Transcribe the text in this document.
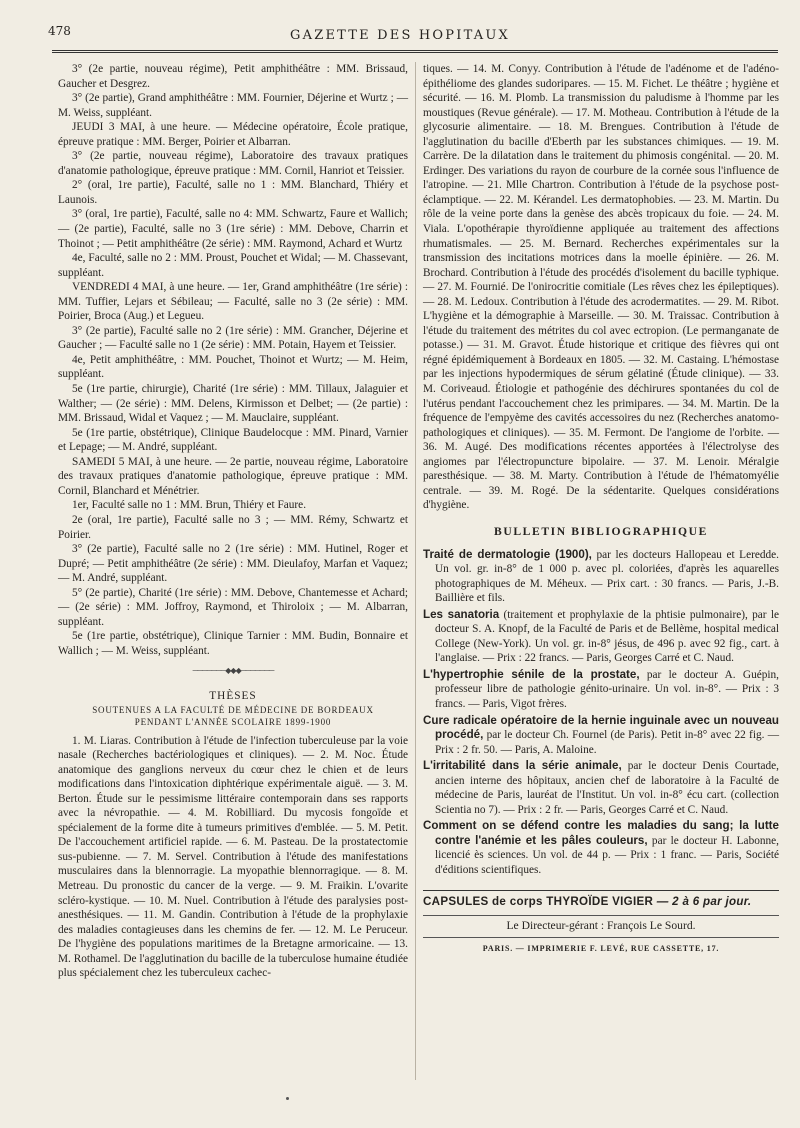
478	GAZETTE DES HOPITAUX

3° (2e partie, nouveau régime), Petit amphithéâtre : MM. Brissaud, Gaucher et Desgrez.

3° (2e partie), Grand amphithéâtre : MM. Fournier, Déjerine et Wurtz ; — M. Weiss, suppléant.

JEUDI 3 MAI, à une heure. — Médecine opératoire, École pratique, épreuve pratique : MM. Berger, Poirier et Albarran.

3° (2e partie, nouveau régime), Laboratoire des travaux pratiques d'anatomie pathologique, épreuve pratique : MM. Cornil, Hanriot et Teissier.

2° (oral, 1re partie), Faculté, salle no 1 : MM. Blanchard, Thiéry et Launois.

3° (oral, 1re partie), Faculté, salle no 4: MM. Schwartz, Faure et Wallich; — (2e partie), Faculté, salle no 3 (1re série) : MM. Debove, Charrin et Thoinot ; — Petit amphithéâtre (2e série) : MM. Raymond, Achard et Wurtz

4e, Faculté, salle no 2 : MM. Proust, Pouchet et Widal; — M. Chassevant, suppléant.

VENDREDI 4 MAI, à une heure. — 1er, Grand amphithéâtre (1re série) : MM. Tuffier, Lejars et Sébileau; — Faculté, salle no 3 (2e série) : MM. Poirier, Broca (Aug.) et Legueu.

3° (2e partie), Faculté salle no 2 (1re série) : MM. Grancher, Déjerine et Gaucher ; — Faculté salle no 1 (2e série) : MM. Potain, Hayem et Teissier.

4e, Petit amphithéâtre, : MM. Pouchet, Thoinot et Wurtz; — M. Heim, suppléant.

5e (1re partie, chirurgie), Charité (1re série) : MM. Tillaux, Jalaguier et Walther; — (2e série) : MM. Delens, Kirmisson et Delbet; — (2e partie) : MM. Brissaud, Widal et Vaquez ; — M. Mauclaire, suppléant.

5e (1re partie, obstétrique), Clinique Baudelocque : MM. Pinard, Varnier et Lepage; — M. André, suppléant.

SAMEDI 5 MAI, à une heure. — 2e partie, nouveau régime, Laboratoire des travaux pratiques d'anatomie pathologique, épreuve pratique : MM. Cornil, Blanchard et Ménétrier.

1er, Faculté salle no 1 : MM. Brun, Thiéry et Faure.

2e (oral, 1re partie), Faculté salle no 3 ; — MM. Rémy, Schwartz et Poirier.

3° (2e partie), Faculté salle no 2 (1re série) : MM. Hutinel, Roger et Dupré; — Petit amphithéâtre (2e série) : MM. Dieulafoy, Marfan et Vaquez; — M. André, suppléant.

5° (2e partie), Charité (1re série) : MM. Debove, Chantemesse et Achard; — (2e série) : MM. Joffroy, Raymond, et Thiroloix ; — M. Albarran, suppléant.

5e (1re partie, obstétrique), Clinique Tarnier : MM. Budin, Bonnaire et Wallich ; — M. Weiss, suppléant.

───────◆◆◆───────

THÈSES

SOUTENUES A LA FACULTÉ DE MÉDECINE DE BORDEAUX

PENDANT L'ANNÉE SCOLAIRE 1899-1900

1. M. Liaras. Contribution à l'étude de l'infection tuberculeuse par la voie nasale (Recherches bactériologiques et cliniques). — 2. M. Noc. Étude anatomique des ganglions nerveux du cœur chez le chien et de leurs modifications dans l'intoxication diphtérique expérimentale aiguë. — 3. M. Berton. Étude sur le pessimisme littéraire contemporain dans ses rapports avec la névropathie. — 4. M. Robilliard. Du mycosis fongoïde et spécialement de la forme dite à tumeurs primitives d'emblée. — 5. M. Petit. De l'accouchement artificiel rapide. — 6. M. Pasteau. De la prostatectomie sus-pubienne. — 7. M. Servel. Contribution à l'étude des manifestations musculaires dans la blennorragie. La myopathie blennorragique. — 8. M. Metreau. Du pronostic du cancer de la verge. — 9. M. Fraikin. L'ovarite scléro-kystique. — 10. M. Nuel. Contribution à l'étude des paralysies post-anesthésiques. — 11. M. Gandin. Contribution à l'étude de la prophylaxie des maladies contagieuses dans les chemins de fer. — 12. M. Le Peruceur. De l'hygiène des populations maritimes de la Bretagne armoricaine. — 13. M. Rothamel. De l'agglutination du bacille de la tuberculose humaine étudiée plus spécialement chez les tuberculeux cachec-

tiques. — 14. M. Conyy. Contribution à l'étude de l'adénome et de l'adéno-épithéliome des glandes sudoripares. — 15. M. Fichet. Le théâtre ; hygiène et sécurité. — 16. M. Plomb. La transmission du paludisme à l'homme par les moustiques (Revue générale). — 17. M. Motheau. Contribution à l'étude de la glycosurie alimentaire. — 18. M. Brengues. Contribution à l'étude de l'agglutination du bacille d'Eberth par les substances chimiques. — 19. M. Carrère. De la dilatation dans le traitement du phimosis congénital. — 20. M. Erdinger. Des variations du rayon de courbure de la cornée sous l'influence de l'atropine. — 21. Mlle Chartron. Contribution à l'étude de la psychose post-éclamptique. — 22. M. Kérandel. Les dermatophobies. — 23. M. Martin. Du rôle de la veine porte dans la genèse des abcès tropicaux du foie. — 24. M. Viala. L'opothérapie thyroïdienne appliquée au traitement des affections rhumatismales. — 25. M. Bernard. Recherches expérimentales sur la transmission des incitations motrices dans la moelle épinière. — 26. M. Brochard. Contribution à l'étude des procédés d'isolement du bacille typhique. — 27. M. Fournié. De l'onirocritie comitiale (Les rêves chez les épileptiques). — 28. M. Ledoux. Contribution à l'étude des acrodermatites. — 29. M. Ribot. L'hygiène et la démographie à Marseille. — 30. M. Traissac. Contribution à l'étude du traitement des métrites du col avec ectropion. (Le permanganate de potasse.) — 31. M. Gravot. Étude historique et critique des fièvres qui ont régné épidémiquement à Bordeaux en 1805. — 32. M. Castaing. L'hémostase par les injections hypodermiques de sérum gélatiné (Étude clinique). — 33. M. Coriveaud. Étiologie et pathogénie des déchirures spontanées du col de l'utérus pendant l'accouchement chez les primipares. — 34. M. Martin. De la fréquence de l'empyème des cavités accessoires du nez (Recherches anatomo-pathologiques et cliniques). — 35. M. Fermont. De l'angiome de l'orbite. — 36. M. Augé. Des modifications récentes apportées à l'électrolyse des angiomes par l'électropuncture bipolaire. — 37. M. Lenoir. Méralgie paresthésique. — 38. M. Marty. Contribution à l'étude de l'hématomyélie centrale. — 39. M. Rogé. De la sédentarite. Quelques considérations d'hygiène.

BULLETIN BIBLIOGRAPHIQUE

Traité de dermatologie (1900), par les docteurs Hallopeau et Leredde. Un vol. gr. in-8° de 1 000 p. avec pl. coloriées, d'après les aquarelles photographiques de M. Méheux. — Prix cart. : 30 francs. — Paris, J.-B. Baillière et fils.

Les sanatoria (traitement et prophylaxie de la phtisie pulmonaire), par le docteur S. A. Knopf, de la Faculté de Paris et de Bellème, hospital medical College (New-York). Un vol. gr. in-8° jésus, de 496 p. avec 92 fig., cart. à l'anglaise. — Prix : 22 francs. — Paris, Georges Carré et C. Naud.

L'hypertrophie sénile de la prostate, par le docteur A. Guépin, professeur libre de pathologie génito-urinaire. Un vol. in-8°. — Prix : 3 francs. — Paris, Vigot frères.

Cure radicale opératoire de la hernie inguinale avec un nouveau procédé, par le docteur Ch. Fournel (de Paris). Petit in-8° avec 22 fig. — Prix : 2 fr. 50. — Paris, A. Maloine.

L'irritabilité dans la série animale, par le docteur Denis Courtade, ancien interne des hôpitaux, ancien chef de laboratoire à la Faculté de médecine de Paris, lauréat de l'Institut. Un vol. in-8° écu cart. (collection Scientia no 7). — Prix : 2 fr. — Paris, Georges Carré et C. Naud.

Comment on se défend contre les maladies du sang; la lutte contre l'anémie et les pâles couleurs, par le docteur H. Labonne, licencié ès sciences. Un vol. de 44 p. — Prix : 1 franc. — Paris, Société d'éditions scientifiques.

CAPSULES de corps THYROÏDE VIGIER — 2 à 6 par jour.
Le Directeur-gérant : François Le Sourd.
PARIS. — IMPRIMERIE F. LEVÉ, RUE CASSETTE, 17.
